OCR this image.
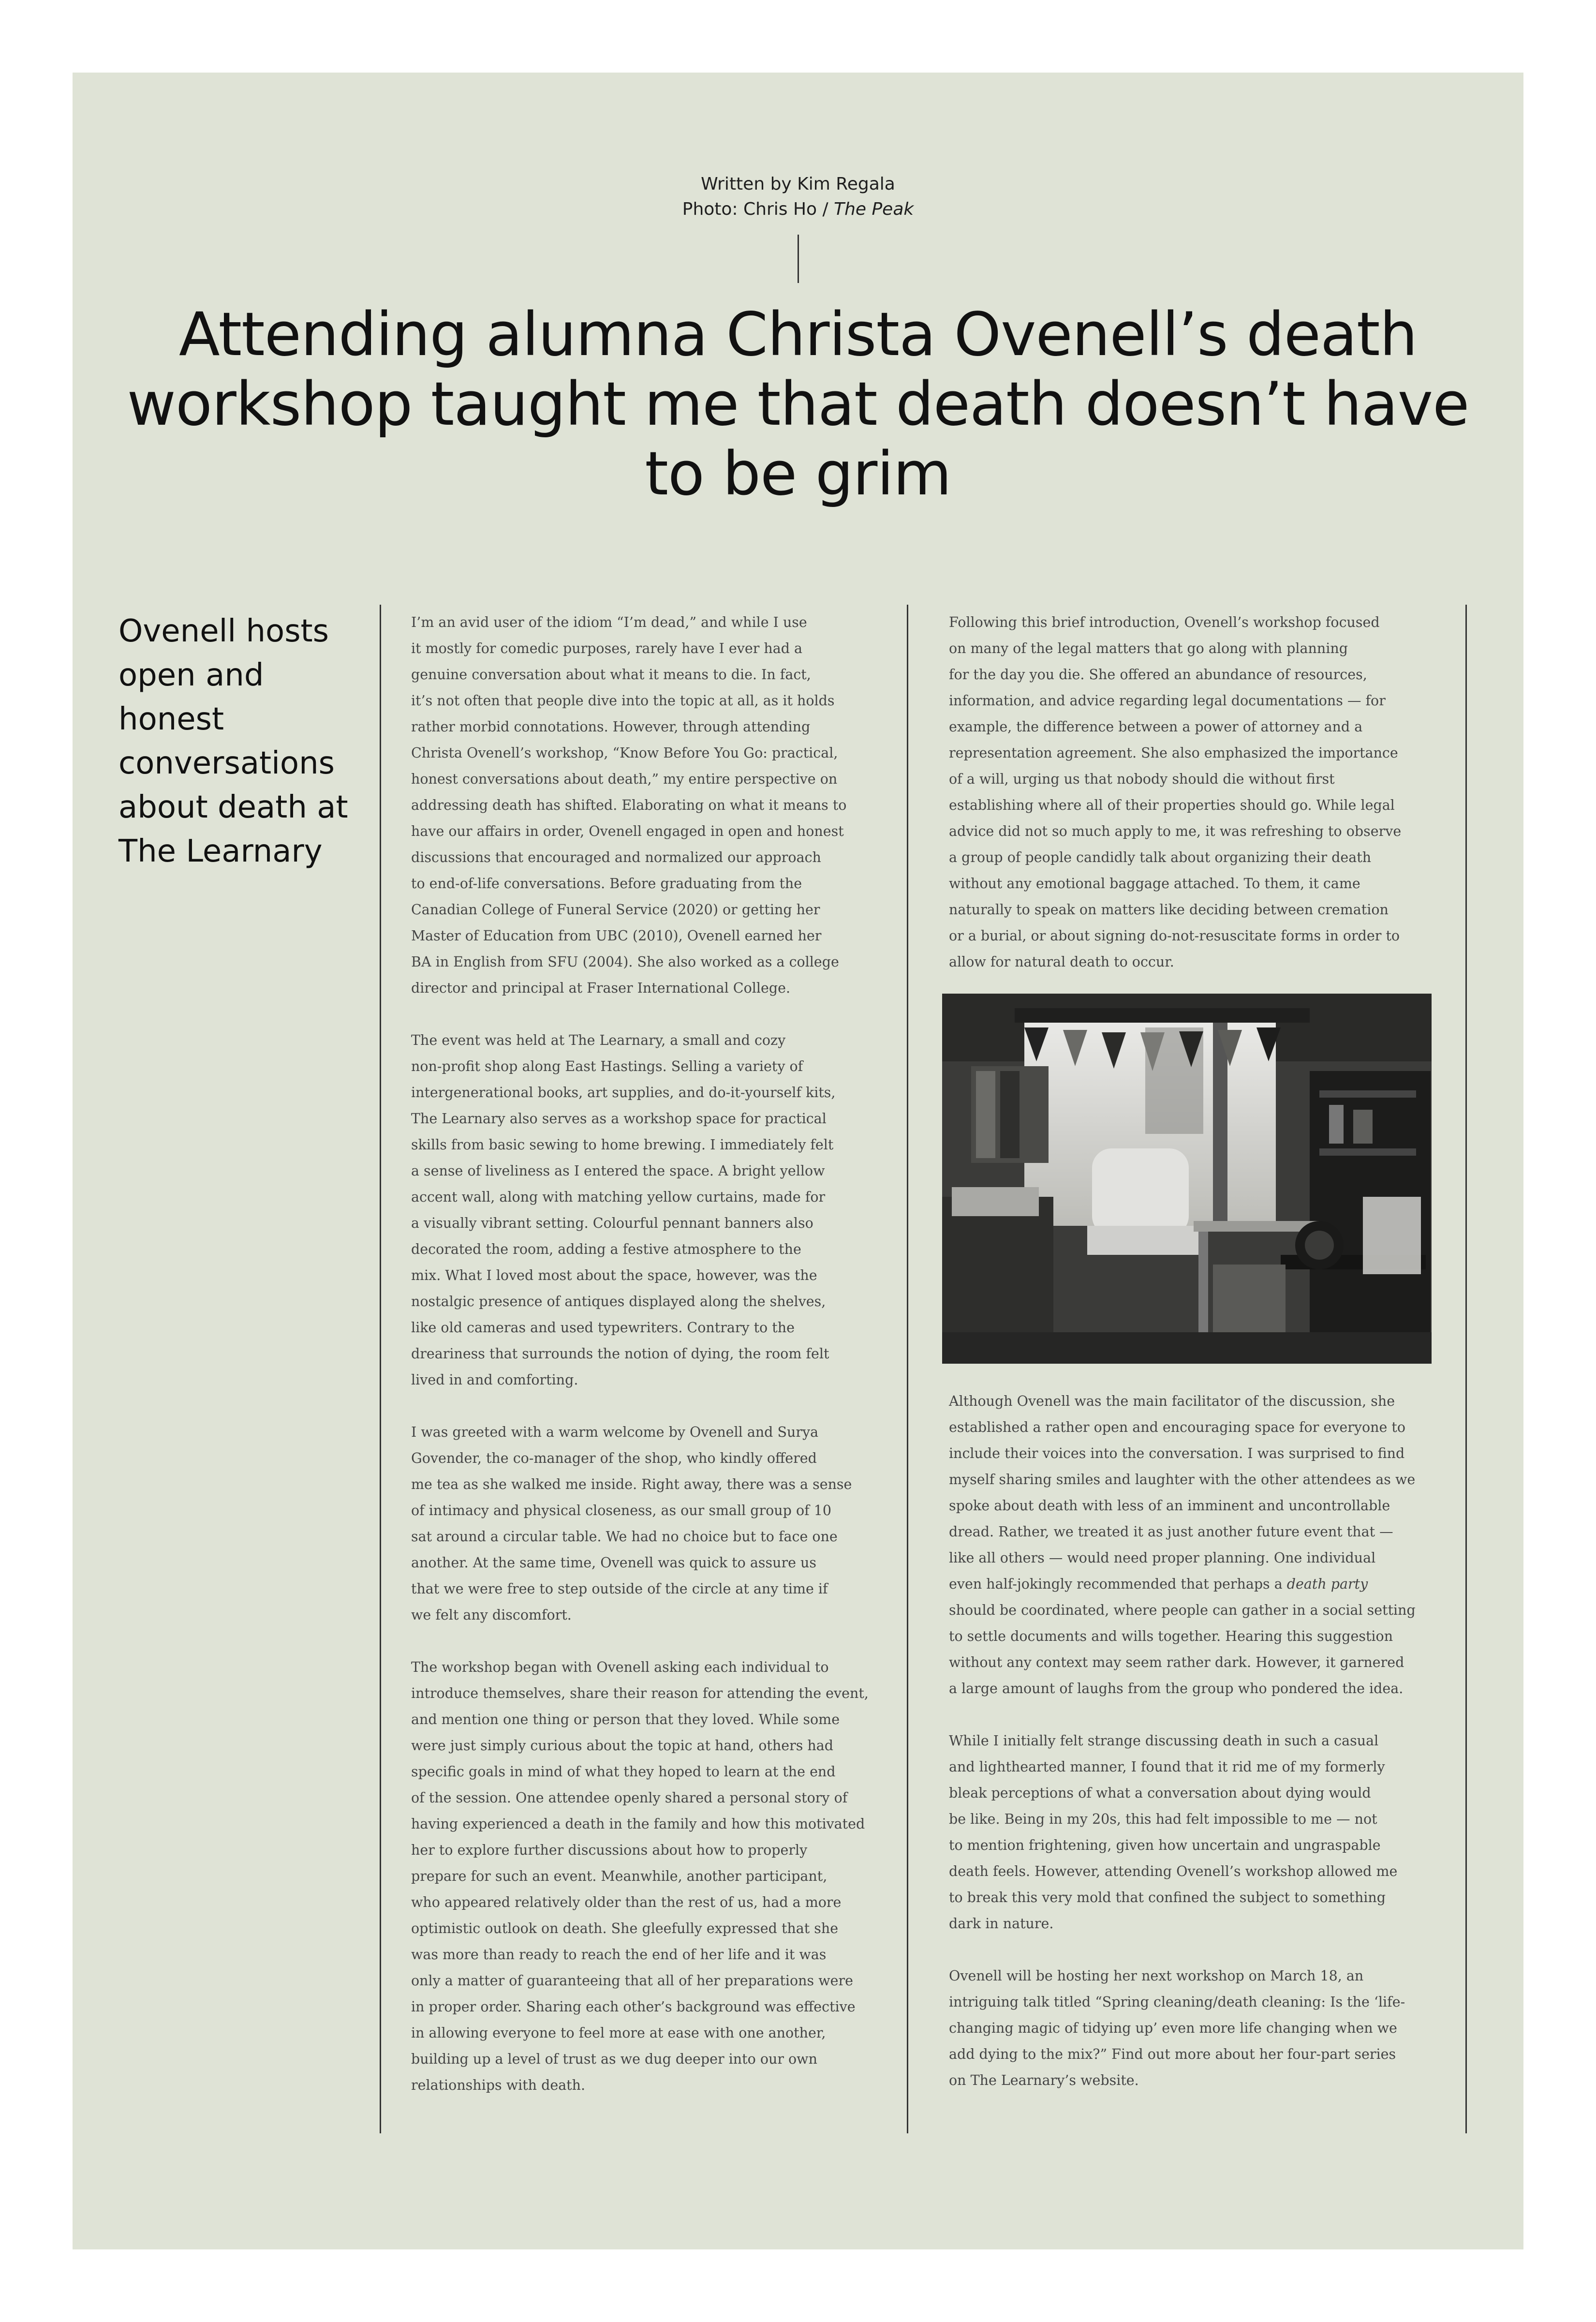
Written by Kim Regala
Photo: Chris Ho / The Peak
Attending alumna Christa Ovenell’s death workshop taught me that death doesn’t have to be grim
Ovenell hosts open and honest conversations about death at The Learnary

I’m an avid user of the idiom “I’m dead,” and while I use
it mostly for comedic purposes, rarely have I ever had a
genuine conversation about what it means to die. In fact,
it’s not often that people dive into the topic at all, as it holds
rather morbid connotations. However, through attending
Christa Ovenell’s workshop, “Know Before You Go: practical,
honest conversations about death,” my entire perspective on
addressing death has shifted. Elaborating on what it means to
have our affairs in order, Ovenell engaged in open and honest
discussions that encouraged and normalized our approach
to end-of-life conversations. Before graduating from the
Canadian College of Funeral Service (2020) or getting her
Master of Education from UBC (2010), Ovenell earned her
BA in English from SFU (2004). She also worked as a college
director and principal at Fraser International College.

The event was held at The Learnary, a small and cozy
non-profit shop along East Hastings. Selling a variety of
intergenerational books, art supplies, and do-it-yourself kits,
The Learnary also serves as a workshop space for practical
skills from basic sewing to home brewing. I immediately felt
a sense of liveliness as I entered the space. A bright yellow
accent wall, along with matching yellow curtains, made for
a visually vibrant setting. Colourful pennant banners also
decorated the room, adding a festive atmosphere to the
mix. What I loved most about the space, however, was the
nostalgic presence of antiques displayed along the shelves,
like old cameras and used typewriters. Contrary to the
dreariness that surrounds the notion of dying, the room felt
lived in and comforting.

I was greeted with a warm welcome by Ovenell and Surya
Govender, the co-manager of the shop, who kindly offered
me tea as she walked me inside. Right away, there was a sense
of intimacy and physical closeness, as our small group of 10
sat around a circular table. We had no choice but to face one
another. At the same time, Ovenell was quick to assure us
that we were free to step outside of the circle at any time if
we felt any discomfort.

The workshop began with Ovenell asking each individual to
introduce themselves, share their reason for attending the event,
and mention one thing or person that they loved. While some
were just simply curious about the topic at hand, others had
specific goals in mind of what they hoped to learn at the end
of the session. One attendee openly shared a personal story of
having experienced a death in the family and how this motivated
her to explore further discussions about how to properly
prepare for such an event. Meanwhile, another participant,
who appeared relatively older than the rest of us, had a more
optimistic outlook on death. She gleefully expressed that she
was more than ready to reach the end of her life and it was
only a matter of guaranteeing that all of her preparations were
in proper order. Sharing each other’s background was effective
in allowing everyone to feel more at ease with one another,
building up a level of trust as we dug deeper into our own
relationships with death.

Following this brief introduction, Ovenell’s workshop focused
on many of the legal matters that go along with planning
for the day you die. She offered an abundance of resources,
information, and advice regarding legal documentations — for
example, the difference between a power of attorney and a
representation agreement. She also emphasized the importance
of a will, urging us that nobody should die without first
establishing where all of their properties should go. While legal
advice did not so much apply to me, it was refreshing to observe
a group of people candidly talk about organizing their death
without any emotional baggage attached. To them, it came
naturally to speak on matters like deciding between cremation
or a burial, or about signing do-not-resuscitate forms in order to
allow for natural death to occur.

Although Ovenell was the main facilitator of the discussion, she
established a rather open and encouraging space for everyone to
include their voices into the conversation. I was surprised to find
myself sharing smiles and laughter with the other attendees as we
spoke about death with less of an imminent and uncontrollable
dread. Rather, we treated it as just another future event that —
like all others — would need proper planning. One individual
even half-jokingly recommended that perhaps a death party
should be coordinated, where people can gather in a social setting
to settle documents and wills together. Hearing this suggestion
without any context may seem rather dark. However, it garnered
a large amount of laughs from the group who pondered the idea.

While I initially felt strange discussing death in such a casual
and lighthearted manner, I found that it rid me of my formerly
bleak perceptions of what a conversation about dying would
be like. Being in my 20s, this had felt impossible to me — not
to mention frightening, given how uncertain and ungraspable
death feels. However, attending Ovenell’s workshop allowed me
to break this very mold that confined the subject to something
dark in nature.

Ovenell will be hosting her next workshop on March 18, an
intriguing talk titled “Spring cleaning/death cleaning: Is the ‘life-
changing magic of tidying up’ even more life changing when we
add dying to the mix?” Find out more about her four-part series
on The Learnary’s website.
